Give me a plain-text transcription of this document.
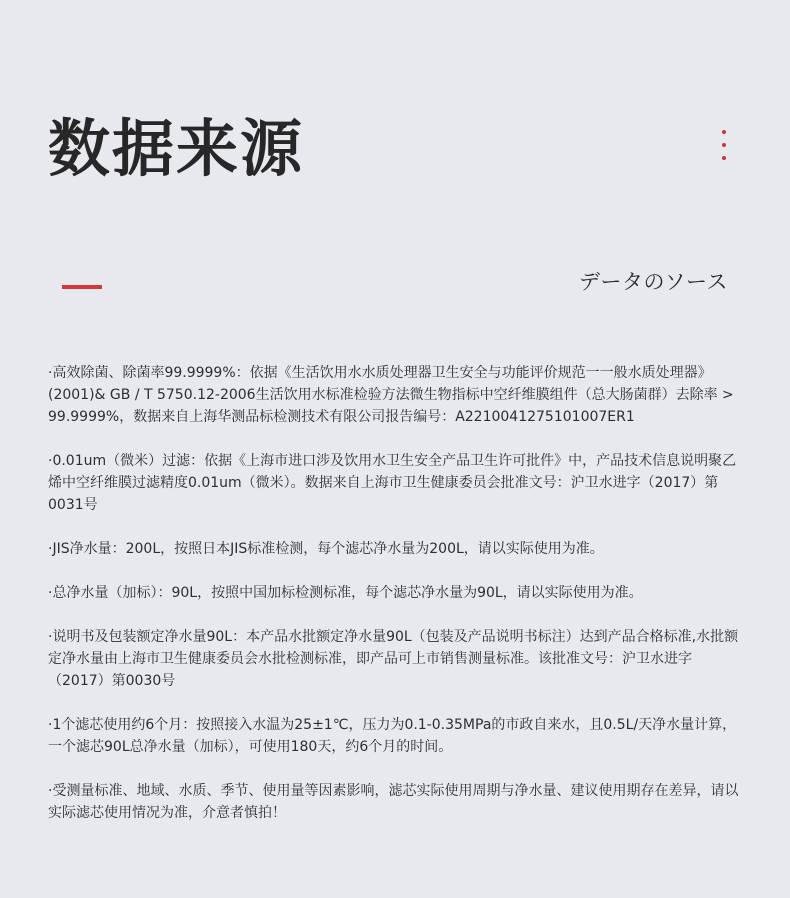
数据来源
データのソース

·高效除菌、除菌率99.9999%：依据《生活饮用水水质处理器卫生安全与功能评价规范一一般水质处理器》(2001)& GB / T 5750.12-2006生活饮用水标准检验方法微生物指标中空纤维膜组件（总大肠菌群）去除率 > 99.9999%，数据来自上海华测品标检测技术有限公司报告编号：A2210041275101007ER1

·0.01um（微米）过滤：依据《上海市进口涉及饮用水卫生安全产品卫生许可批件》中，产品技术信息说明聚乙烯中空纤维膜过滤精度0.01um（微米）。数据来自上海市卫生健康委员会批准文号：沪卫水进字（2017）第0031号

·JIS净水量：200L，按照日本JIS标准检测，每个滤芯净水量为200L，请以实际使用为准。

·总净水量（加标）：90L，按照中国加标检测标准，每个滤芯净水量为90L，请以实际使用为准。

·说明书及包装额定净水量90L：本产品水批额定净水量90L（包装及产品说明书标注）达到产品合格标准,水批额定净水量由上海市卫生健康委员会水批检测标准，即产品可上市销售测量标准。该批准文号：沪卫水进字（2017）第0030号

·1个滤芯使用约6个月：按照接入水温为25±1℃，压力为0.1-0.35MPa的市政自来水，且0.5L/天净水量计算，一个滤芯90L总净水量（加标），可使用180天，约6个月的时间。

·受测量标准、地域、水质、季节、使用量等因素影响，滤芯实际使用周期与净水量、建议使用期存在差异，请以实际滤芯使用情况为准，介意者慎拍！
